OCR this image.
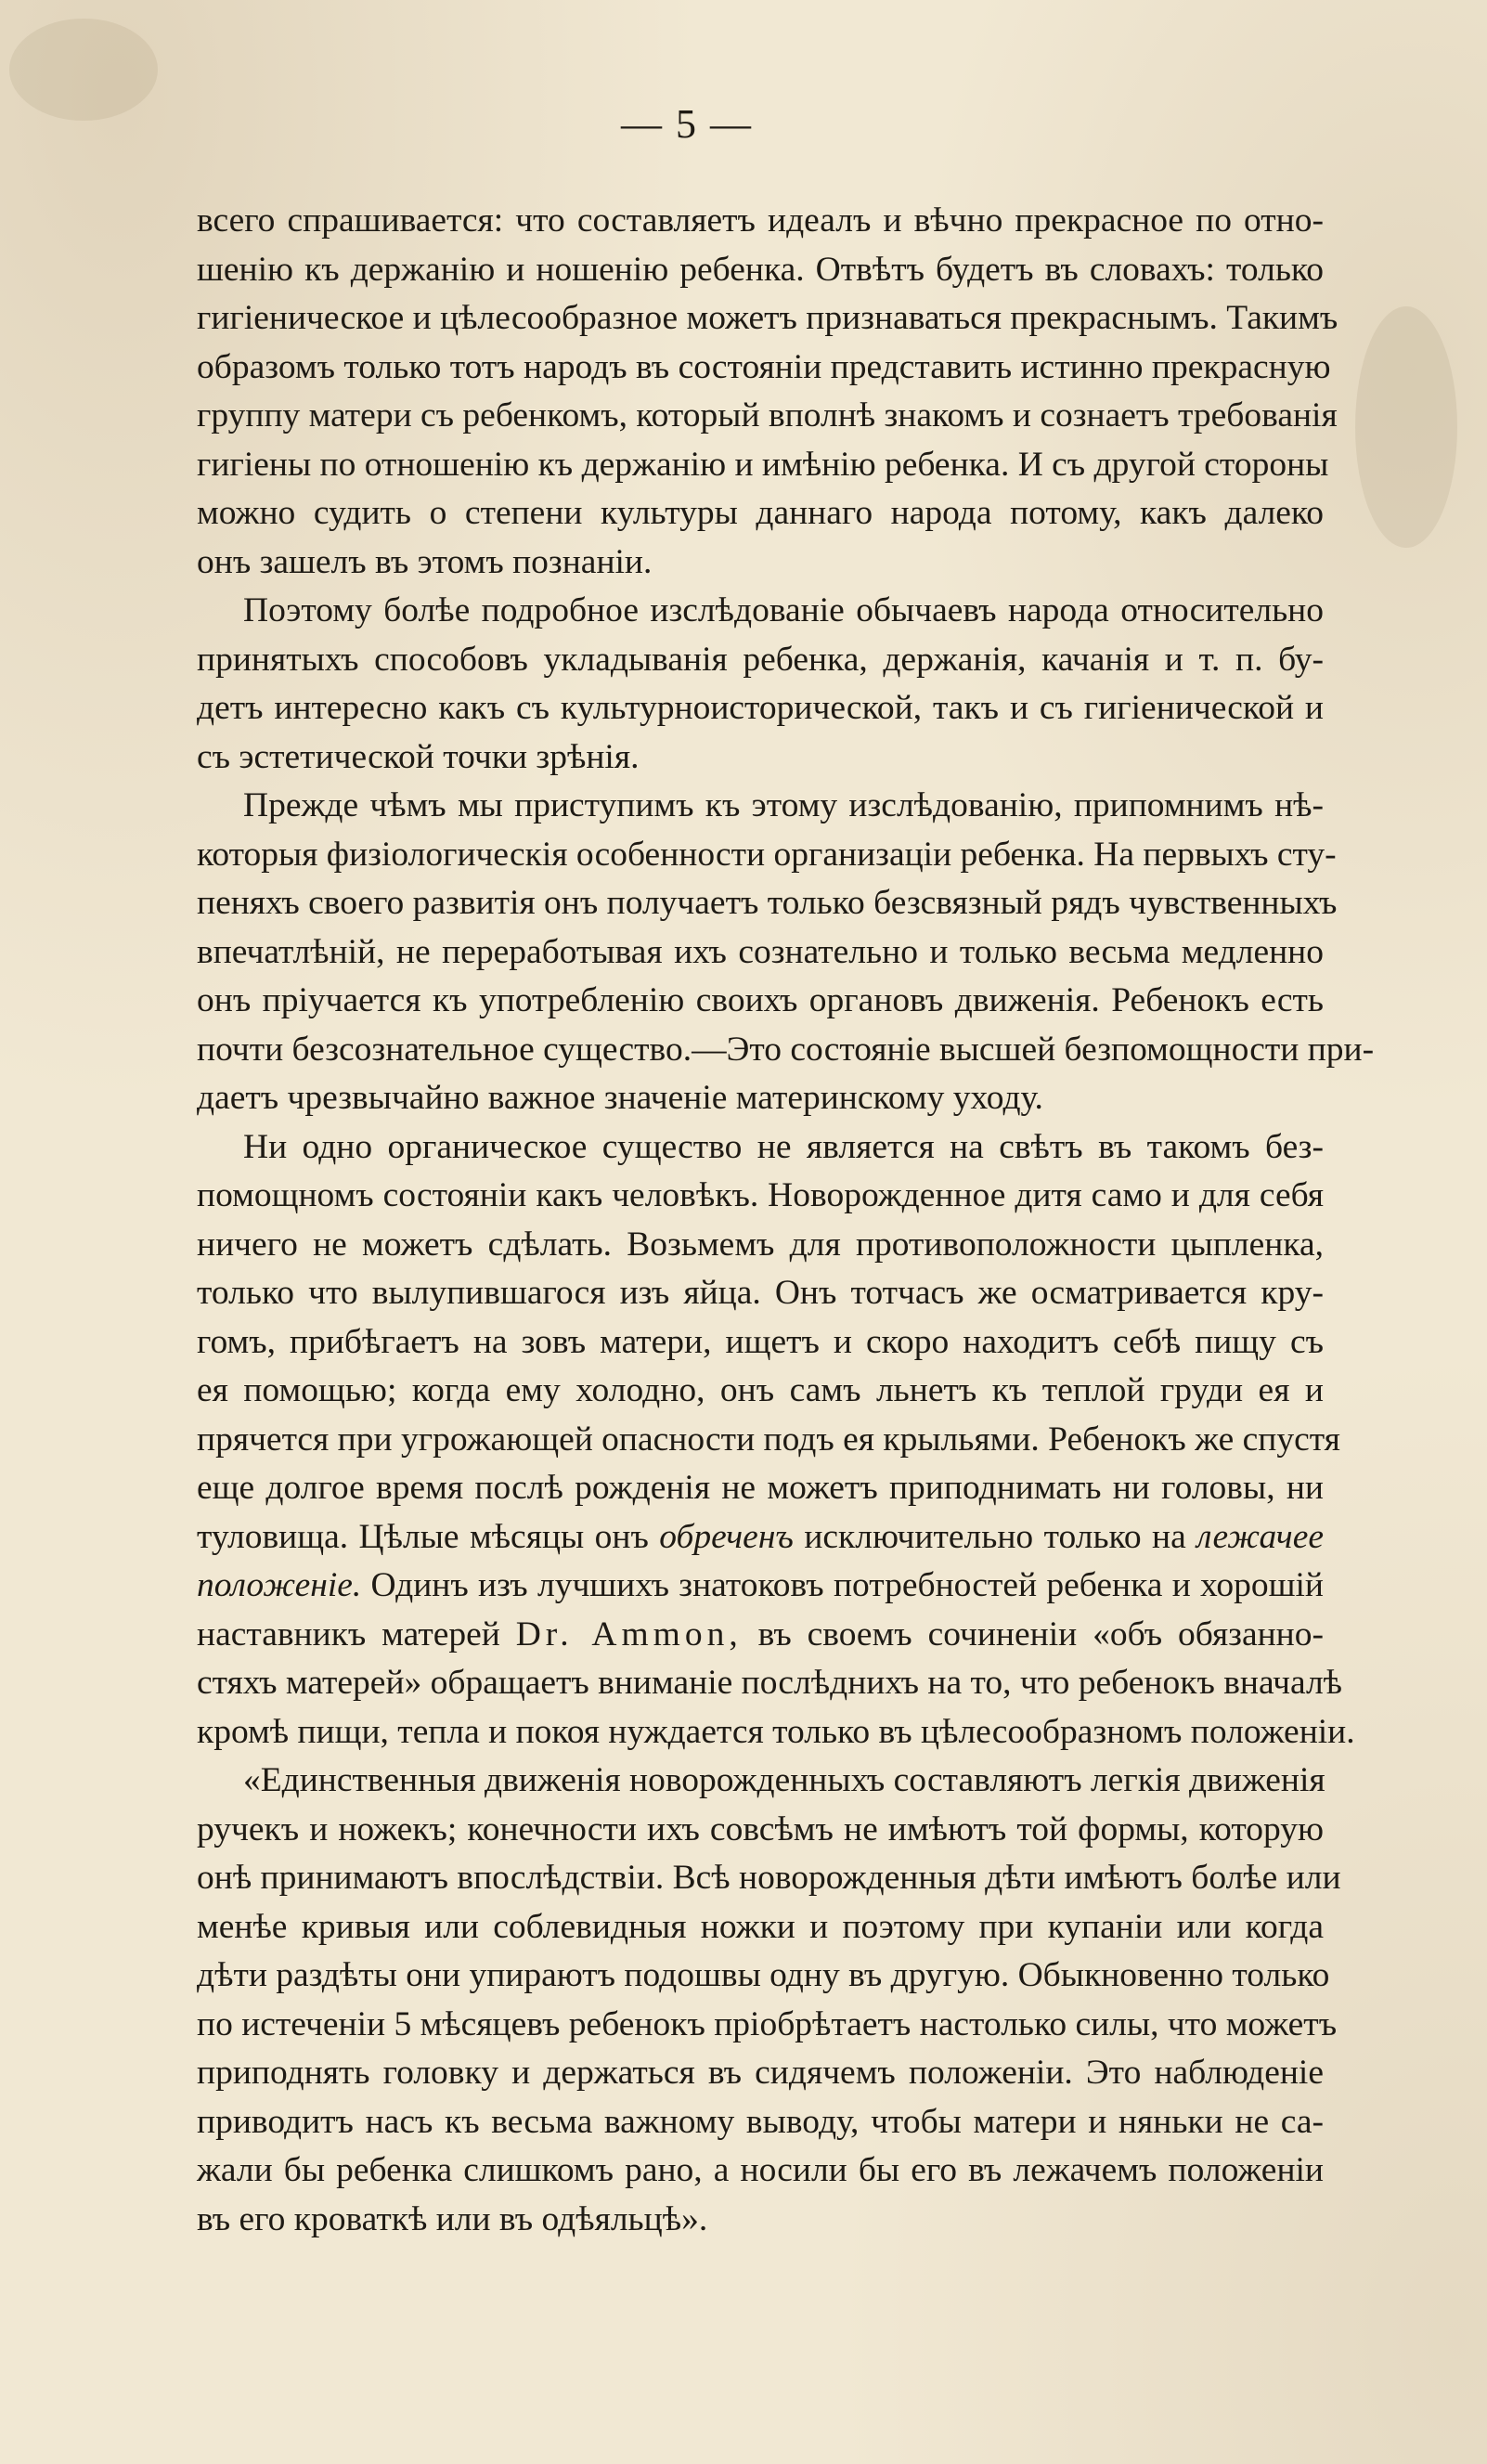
— 5 —
всего спрашивается: что составляетъ идеалъ и вѣчно прекрасное по отно-
шенію къ держанію и ношенію ребенка. Отвѣтъ будетъ въ словахъ: только
гигіеническое и цѣлесообразное можетъ признаваться прекраснымъ. Такимъ
образомъ только тотъ народъ въ состояніи представить истинно прекрасную
группу матери съ ребенкомъ, который вполнѣ знакомъ и сознаетъ требованія
гигіены по отношенію къ держанію и имѣнію ребенка. И съ другой стороны
можно судить о степени культуры даннаго народа потому, какъ далеко
онъ зашелъ въ этомъ познаніи.
Поэтому болѣе подробное изслѣдованіе обычаевъ народа относительно
принятыхъ способовъ укладыванія ребенка, держанія, качанія и т. п. бу-
детъ интересно какъ съ культурноисторической, такъ и съ гигіенической и
съ эстетической точки зрѣнія.
Прежде чѣмъ мы приступимъ къ этому изслѣдованію, припомнимъ нѣ-
которыя физіологическія особенности организаціи ребенка. На первыхъ сту-
пеняхъ своего развитія онъ получаетъ только безсвязный рядъ чувственныхъ
впечатлѣній, не переработывая ихъ сознательно и только весьма медленно
онъ пріучается къ употребленію своихъ органовъ движенія. Ребенокъ есть
почти безсознательное существо.—Это состояніе высшей безпомощности при-
даетъ чрезвычайно важное значеніе материнскому уходу.
Ни одно органическое существо не является на свѣтъ въ такомъ без-
помощномъ состояніи какъ человѣкъ. Новорожденное дитя само и для себя
ничего не можетъ сдѣлать. Возьмемъ для противоположности цыпленка,
только что вылупившагося изъ яйца. Онъ тотчасъ же осматривается кру-
гомъ, прибѣгаетъ на зовъ матери, ищетъ и скоро находитъ себѣ пищу съ
ея помощью; когда ему холодно, онъ самъ льнетъ къ теплой груди ея и
прячется при угрожающей опасности подъ ея крыльями. Ребенокъ же спустя
еще долгое время послѣ рожденія не можетъ приподнимать ни головы, ни
туловища. Цѣлые мѣсяцы онъ обреченъ исключительно только на лежачее
положеніе. Одинъ изъ лучшихъ знатоковъ потребностей ребенка и хорошій
наставникъ матерей Dr. Ammon, въ своемъ сочиненіи «объ обязанно-
стяхъ матерей» обращаетъ вниманіе послѣднихъ на то, что ребенокъ вначалѣ
кромѣ пищи, тепла и покоя нуждается только въ цѣлесообразномъ положеніи.
«Единственныя движенія новорожденныхъ составляютъ легкія движенія
ручекъ и ножекъ; конечности ихъ совсѣмъ не имѣютъ той формы, которую
онѣ принимаютъ впослѣдствіи. Всѣ новорожденныя дѣти имѣютъ болѣе или
менѣе кривыя или соблевидныя ножки и поэтому при купаніи или когда
дѣти раздѣты они упираютъ подошвы одну въ другую. Обыкновенно только
по истеченіи 5 мѣсяцевъ ребенокъ пріобрѣтаетъ настолько силы, что можетъ
приподнять головку и держаться въ сидячемъ положеніи. Это наблюденіе
приводитъ насъ къ весьма важному выводу, чтобы матери и няньки не са-
жали бы ребенка слишкомъ рано, а носили бы его въ лежачемъ положеніи
въ его кроваткѣ или въ одѣяльцѣ».
